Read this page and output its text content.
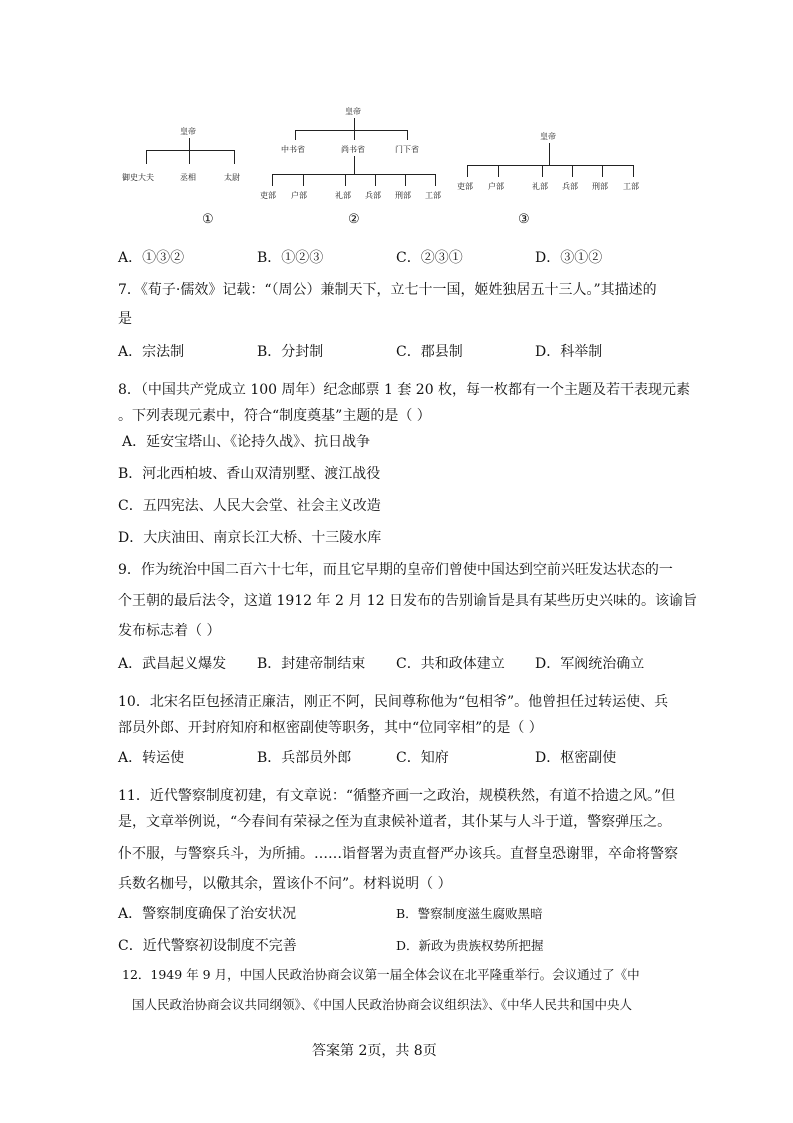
皇帝
御史大夫	丞相	太尉
①
皇帝
中书省	尚书省	门下省
吏部 户部	礼部 兵部 刑部 工部
②
皇帝
吏部 户部	礼部 兵部 刑部 工部
③
A．①③②	B．①②③	C．②③①	D．③①②
7．《荀子·儒效》记载：“（周公）兼制天下，立七十一国，姬姓独居五十三人。”其描述的
是
A．宗法制	B．分封制	C．郡县制	D．科举制
8．（中国共产党成立 100 周年）纪念邮票 1 套 20 枚，每一枚都有一个主题及若干表现元素
。下列表现元素中，符合“制度奠基”主题的是（ ）
A．延安宝塔山、《论持久战》、抗日战争
B．河北西柏坡、香山双清别墅、渡江战役
C．五四宪法、人民大会堂、社会主义改造
D．大庆油田、南京长江大桥、十三陵水库
9．作为统治中国二百六十七年，而且它早期的皇帝们曾使中国达到空前兴旺发达状态的一
个王朝的最后法令，这道 1912 年 2 月 12 日发布的告别谕旨是具有某些历史兴味的。该谕旨
发布标志着（ ）
A．武昌起义爆发 B．封建帝制结束 C．共和政体建立 D．军阀统治确立
10．北宋名臣包拯清正廉洁，刚正不阿，民间尊称他为“包相爷”。他曾担任过转运使、兵
部员外郎、开封府知府和枢密副使等职务，其中“位同宰相”的是（ ）
A．转运使	B．兵部员外郎	C．知府	D．枢密副使
11．近代警察制度初建，有文章说：“循整齐画一之政治，规模秩然，有道不拾遗之风。”但
是，文章举例说，“今春间有荣禄之侄为直隶候补道者，其仆某与人斗于道，警察弹压之。
仆不服，与警察兵斗，为所捕。……诣督署为责直督严办该兵。直督皇恐谢罪，卒命将警察
兵数名枷号，以儆其余，置该仆不问”。材料说明（ ）
A．警察制度确保了治安状况	B．警察制度滋生腐败黑暗
C．近代警察初设制度不完善	D．新政为贵族权势所把握
12．1949 年 9 月，中国人民政治协商会议第一届全体会议在北平隆重举行。会议通过了《中
国人民政治协商会议共同纲领》、《中国人民政治协商会议组织法》、《中华人民共和国中央人
答案第 2页，共 8页
